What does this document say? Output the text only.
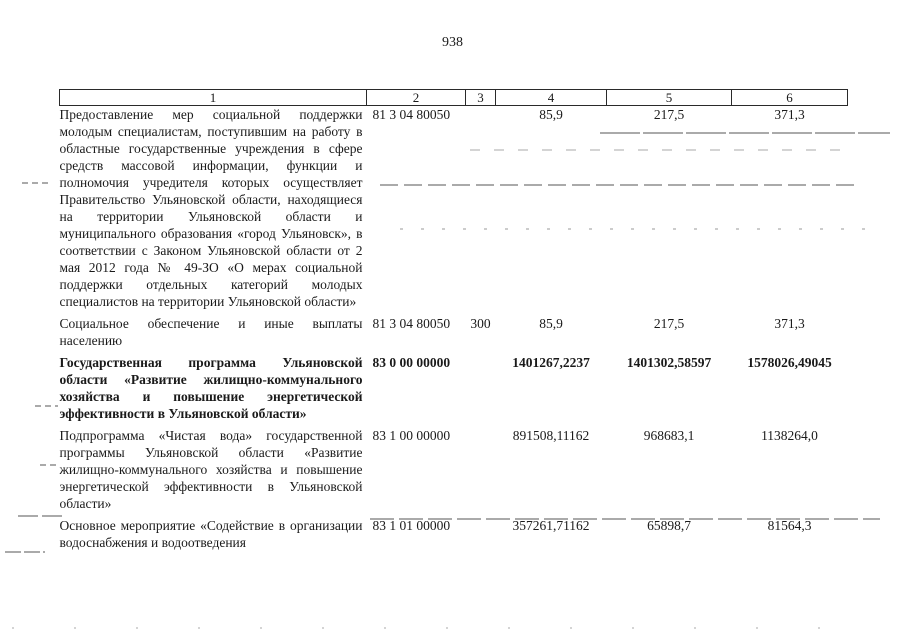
938
1	2	3	4	5	6
Предоставление мер социальной поддержки молодым специалистам, поступившим на работу в областные государственные учреждения в сфере средств массовой информации, функции и полномочия учредителя которых осуществляет Правительство Ульяновской области, находящиеся на территории Ульяновской области и муниципального образования «город Ульяновск», в соответствии с Законом Ульяновской области от 2 мая 2012 года № 49-ЗО «О мерах социальной поддержки отдельных категорий молодых специалистов на территории Ульяновской области»	81 3 04 80050		85,9	217,5	371,3
Социальное обеспечение и иные выплаты населению	81 3 04 80050	300	85,9	217,5	371,3
Государственная программа Ульяновской области «Развитие жилищно-коммунального хозяйства и повышение энергетической эффективности в Ульяновской области»	83 0 00 00000		1401267,2237	1401302,58597	1578026,49045
Подпрограмма «Чистая вода» государственной программы Ульяновской области «Развитие жилищно-коммунального хозяйства и повышение энергетической эффективности в Ульяновской области»	83 1 00 00000		891508,11162	968683,1	1138264,0
Основное мероприятие «Содействие в организации водоснабжения и водоотведения	83 1 01 00000		357261,71162	65898,7	81564,3
